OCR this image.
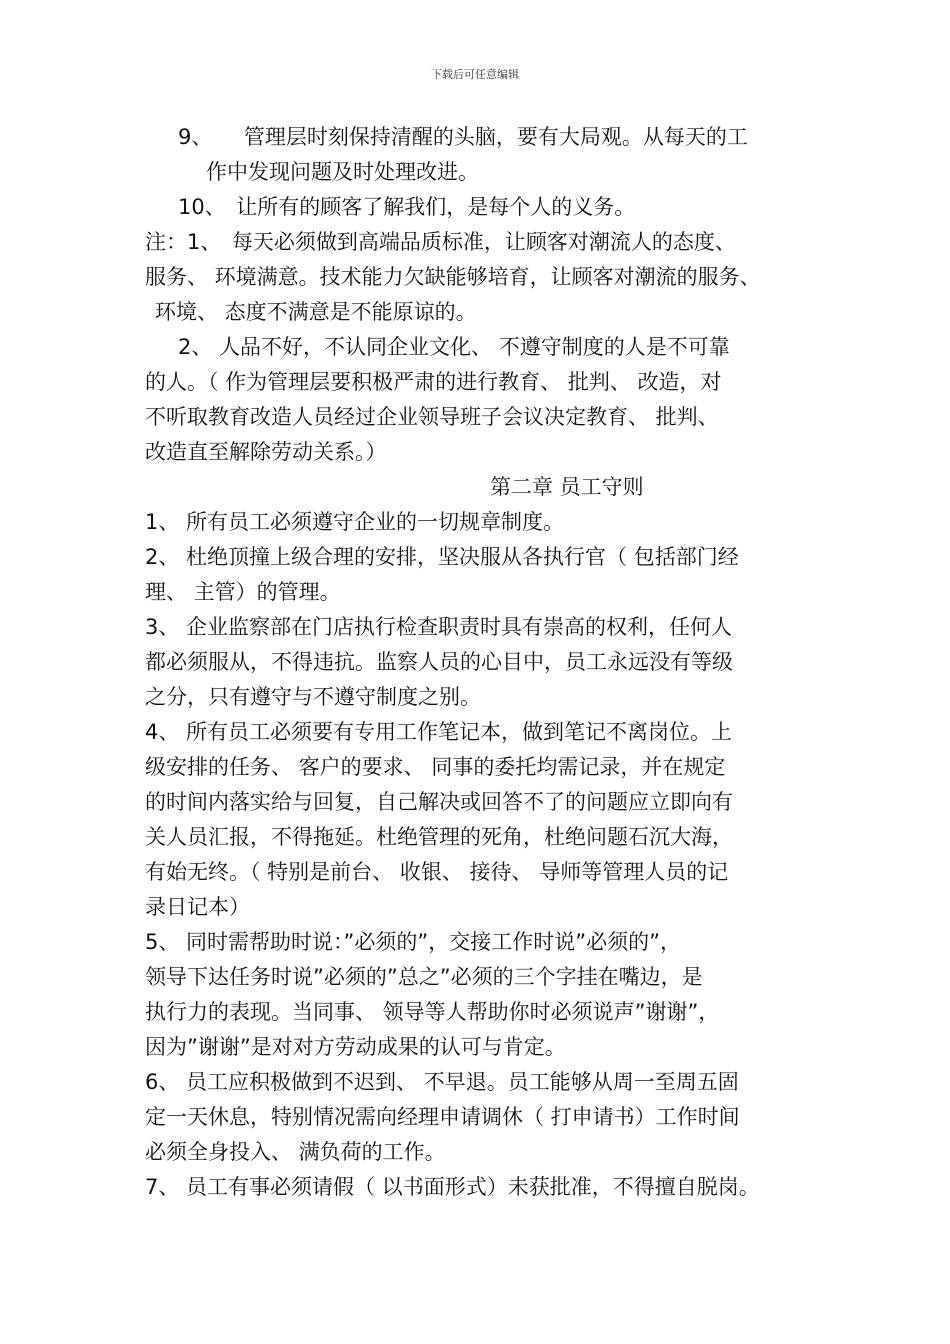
下载后可任意编辑
9、　　管理层时刻保持清醒的头脑，要有大局观。从每天的工
作中发现问题及时处理改进。
10、　让所有的顾客了解我们，是每个人的义务。
注：1、　每天必须做到高端品质标准，让顾客对潮流人的态度、
服务、 环境满意。技术能力欠缺能够培育，让顾客对潮流的服务、
环境、 态度不满意是不能原谅的。
2、 人品不好，不认同企业文化、 不遵守制度的人是不可靠
的人。（ 作为管理层要积极严肃的进行教育、 批判、 改造，对
不听取教育改造人员经过企业领导班子会议决定教育、 批判、
改造直至解除劳动关系。）
第二章 员工守则
1、 所有员工必须遵守企业的一切规章制度。
2、 杜绝顶撞上级合理的安排，坚决服从各执行官（ 包括部门经
理、 主管）的管理。
3、 企业监察部在门店执行检查职责时具有崇高的权利，任何人
都必须服从，不得违抗。监察人员的心目中，员工永远没有等级
之分，只有遵守与不遵守制度之别。
4、 所有员工必须要有专用工作笔记本，做到笔记不离岗位。上
级安排的任务、 客户的要求、 同事的委托均需记录，并在规定
的时间内落实给与回复，自己解决或回答不了的问题应立即向有
关人员汇报，不得拖延。杜绝管理的死角，杜绝问题石沉大海，
有始无终。（ 特别是前台、 收银、 接待、 导师等管理人员的记
录日记本）
5、 同时需帮助时说：”必须的”，交接工作时说”必须的”，
领导下达任务时说”必须的”总之”必须的三个字挂在嘴边，是
执行力的表现。当同事、 领导等人帮助你时必须说声”谢谢”，
因为”谢谢”是对对方劳动成果的认可与肯定。
6、 员工应积极做到不迟到、 不早退。员工能够从周一至周五固
定一天休息，特别情况需向经理申请调休（ 打申请书）工作时间
必须全身投入、 满负荷的工作。
7、 员工有事必须请假（ 以书面形式）未获批准，不得擅自脱岗。
